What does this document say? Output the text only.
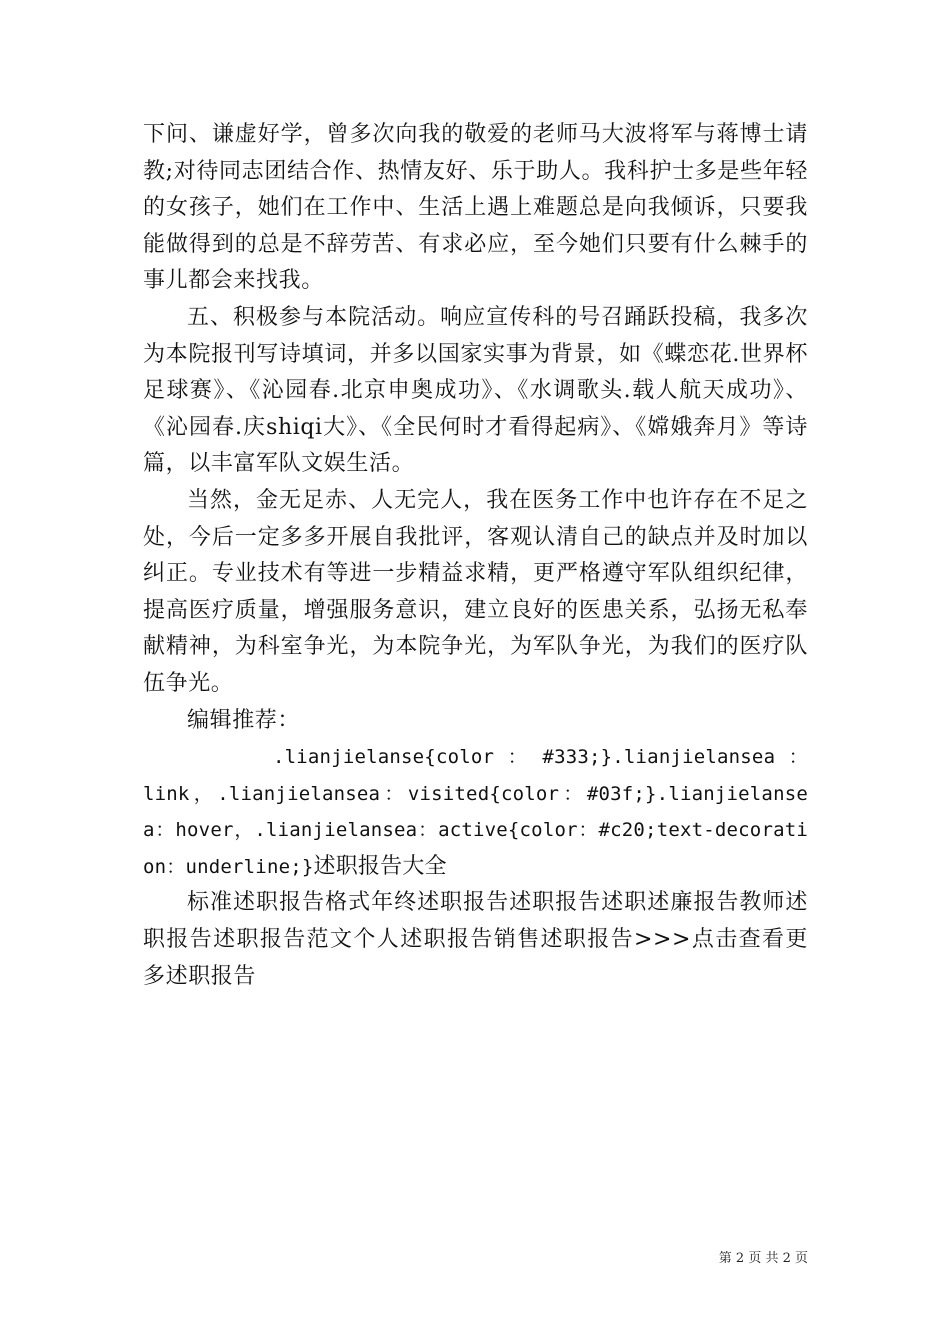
下问、谦虚好学，曾多次向我的敬爱的老师马大波将军与蒋博士请教;对待同志团结合作、热情友好、乐于助人。我科护士多是些年轻的女孩子，她们在工作中、生活上遇上难题总是向我倾诉，只要我能做得到的总是不辞劳苦、有求必应，至今她们只要有什么棘手的事儿都会来找我。

五、积极参与本院活动。响应宣传科的号召踊跃投稿，我多次为本院报刊写诗填词，并多以国家实事为背景，如《蝶恋花.世界杯足球赛》、《沁园春.北京申奥成功》、《水调歌头.载人航天成功》、《沁园春.庆shiqi大》、《全民何时才看得起病》、《嫦娥奔月》等诗篇，以丰富军队文娱生活。

当然，金无足赤、人无完人，我在医务工作中也许存在不足之处，今后一定多多开展自我批评，客观认清自己的缺点并及时加以纠正。专业技术有等进一步精益求精，更严格遵守军队组织纪律，提高医疗质量，增强服务意识，建立良好的医患关系，弘扬无私奉献精神，为科室争光，为本院争光，为军队争光，为我们的医疗队伍争光。

编辑推荐：

.lianjielanse{color ： #333;}.lianjielansea ：link，.lianjielansea：visited{color：#03f;}.lianjielansea：hover，.lianjielansea：active{color：#c20;text-decoration：underline;}述职报告大全

标准述职报告格式年终述职报告述职报告述职述廉报告教师述职报告述职报告范文个人述职报告销售述职报告>>>点击查看更多述职报告

第 2 页 共 2 页
